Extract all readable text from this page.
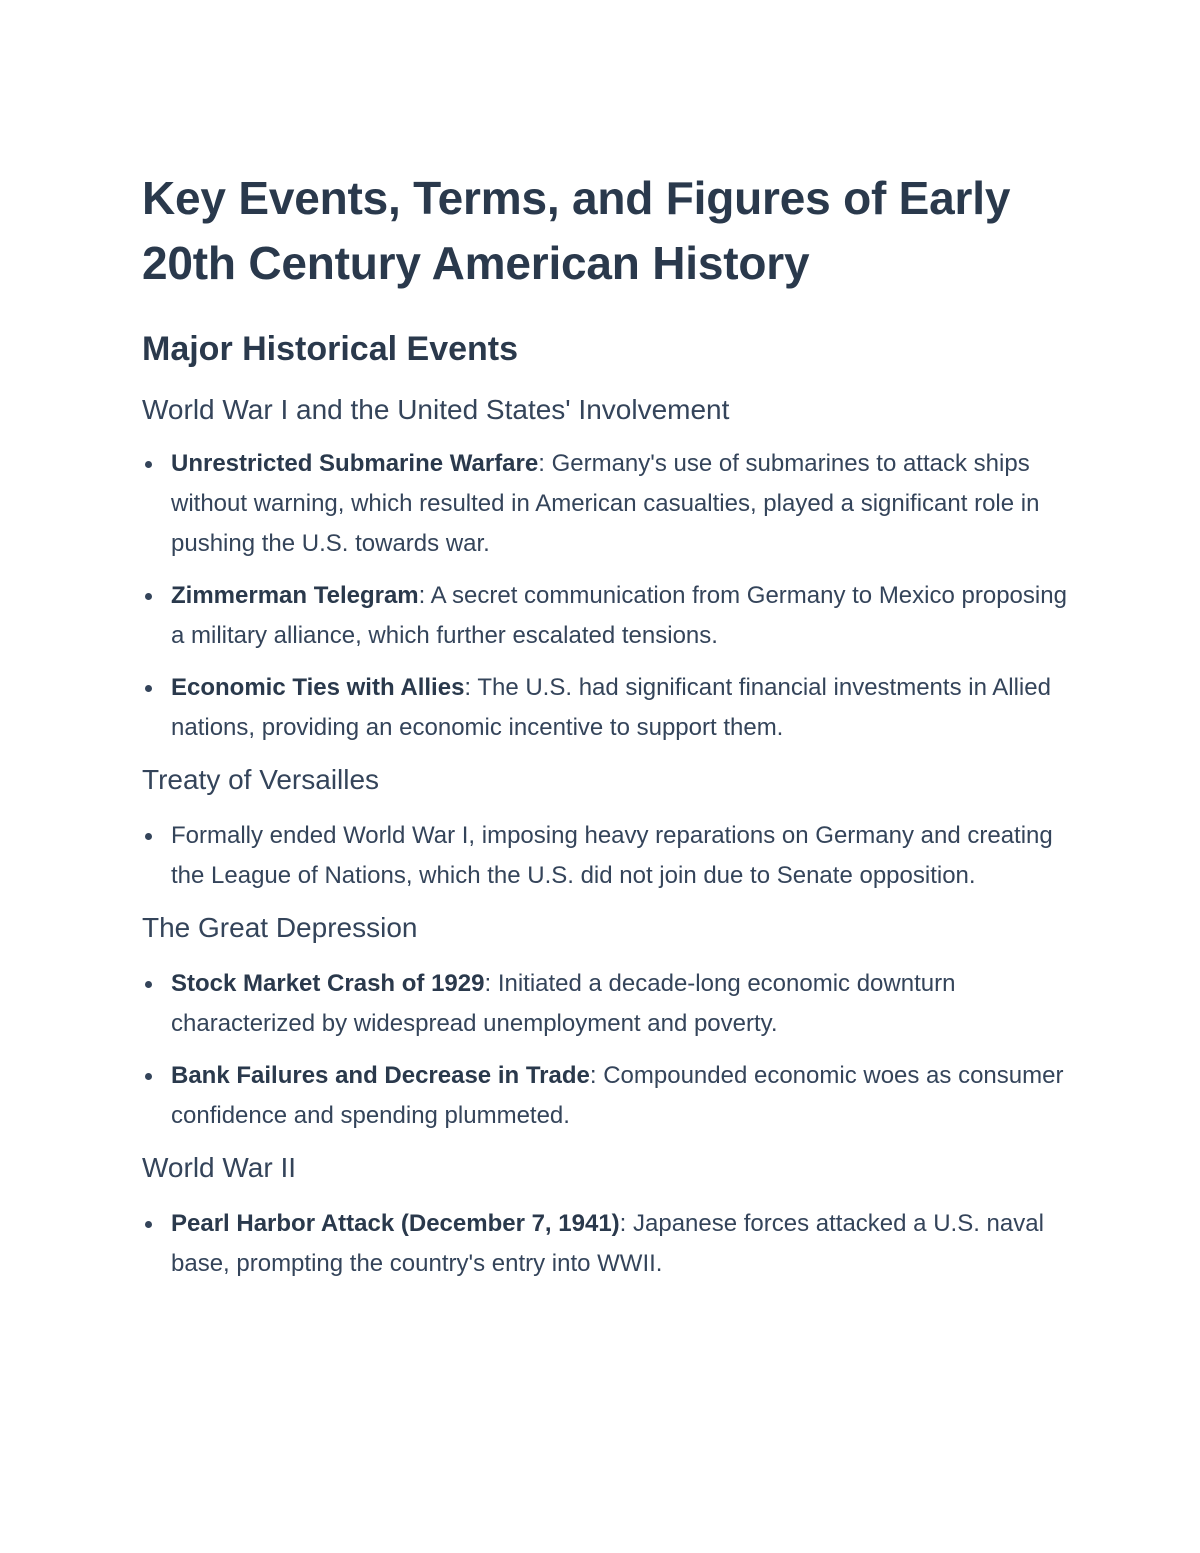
Key Events, Terms, and Figures of Early 20th Century American History
Major Historical Events
World War I and the United States' Involvement
Unrestricted Submarine Warfare: Germany's use of submarines to attack ships without warning, which resulted in American casualties, played a significant role in pushing the U.S. towards war.
Zimmerman Telegram: A secret communication from Germany to Mexico proposing a military alliance, which further escalated tensions.
Economic Ties with Allies: The U.S. had significant financial investments in Allied nations, providing an economic incentive to support them.
Treaty of Versailles
Formally ended World War I, imposing heavy reparations on Germany and creating the League of Nations, which the U.S. did not join due to Senate opposition.
The Great Depression
Stock Market Crash of 1929: Initiated a decade-long economic downturn characterized by widespread unemployment and poverty.
Bank Failures and Decrease in Trade: Compounded economic woes as consumer confidence and spending plummeted.
World War II
Pearl Harbor Attack (December 7, 1941): Japanese forces attacked a U.S. naval base, prompting the country's entry into WWII.
